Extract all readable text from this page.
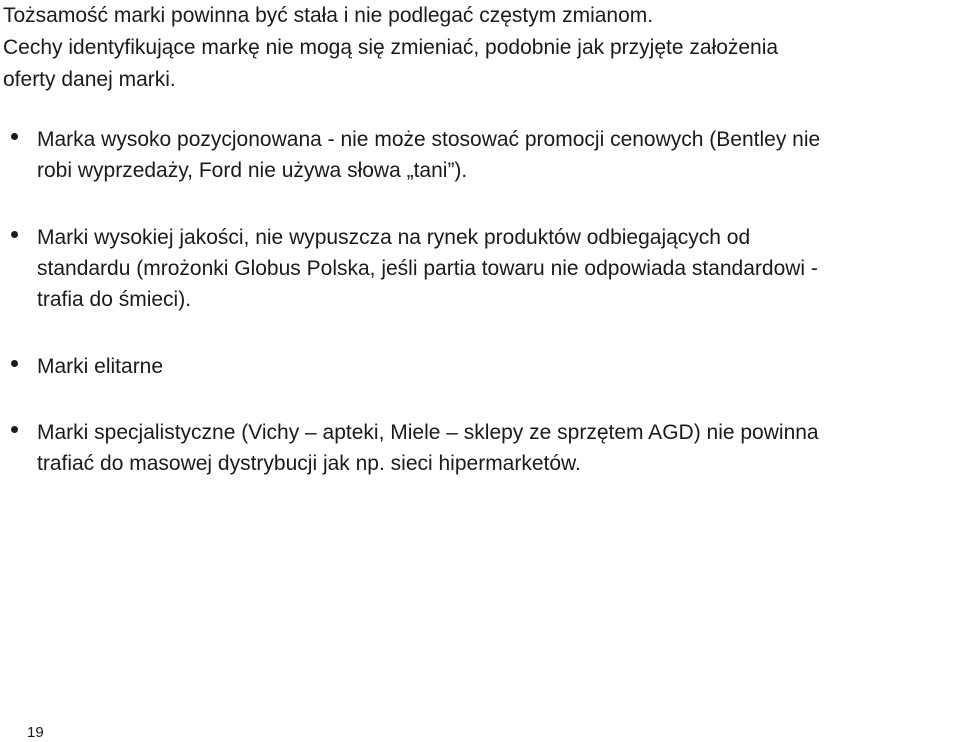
Tożsamość marki powinna być stała i nie podlegać częstym zmianom.
Cechy identyfikujące markę nie mogą się zmieniać, podobnie jak przyjęte założenia
oferty danej marki.
Marka wysoko pozycjonowana - nie może stosować promocji cenowych (Bentley nie
robi wyprzedaży, Ford nie używa słowa „tani”).
Marki wysokiej jakości, nie wypuszcza na rynek produktów odbiegających od
standardu (mrożonki Globus Polska, jeśli partia towaru nie odpowiada standardowi -
trafia do śmieci).
Marki elitarne
Marki specjalistyczne (Vichy – apteki, Miele – sklepy ze sprzętem AGD) nie powinna
trafiać do masowej dystrybucji jak np. sieci hipermarketów.
19
